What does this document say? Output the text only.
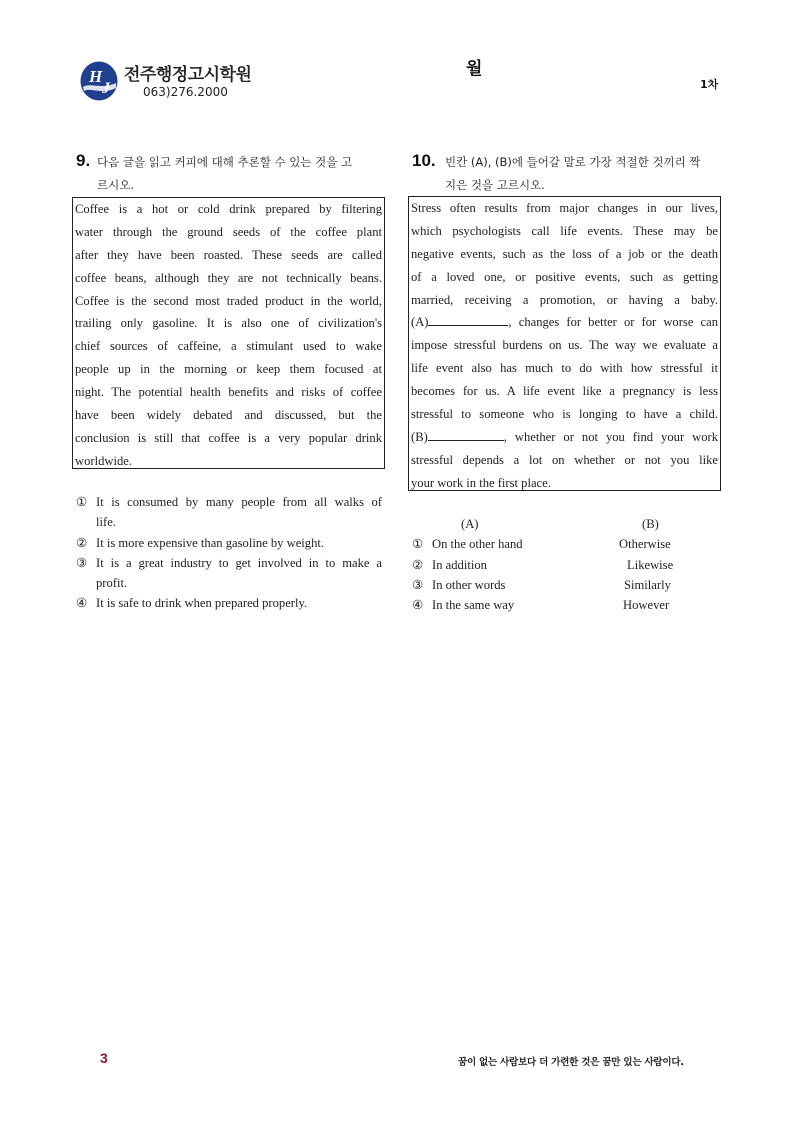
H
J
전주행정고시학원
063)276.2000
월
1차
9. 다음 글을 읽고 커피에 대해 추론할 수 있는 것을 고
르시오.
Coffee is a hot or cold drink prepared by filtering
water through the ground seeds of the coffee plant
after they have been roasted. These seeds are called
coffee beans, although they are not technically beans.
Coffee is the second most traded product in the world,
trailing only gasoline. It is also one of civilization's
chief sources of caffeine, a stimulant used to wake
people up in the morning or keep them focused at
night. The potential health benefits and risks of coffee
have been widely debated and discussed, but the
conclusion is still that coffee is a very popular drink
worldwide.
① It is consumed by many people from all walks of
life.
② It is more expensive than gasoline by weight.
③ It is a great industry to get involved in to make a
profit.
④ It is safe to drink when prepared properly.
10. 빈칸 (A), (B)에 들어갈 말로 가장 적절한 것끼리 짝
지은 것을 고르시오.
Stress often results from major changes in our lives,
which psychologists call life events. These may be
negative events, such as the loss of a job or the death
of a loved one, or positive events, such as getting
married, receiving a promotion, or having a baby.
(A)	, changes for better or for worse can
impose stressful burdens on us. The way we evaluate a
life event also has much to do with how stressful it
becomes for us. A life event like a pregnancy is less
stressful to someone who is longing to have a child.
(B)	, whether or not you find your work
stressful depends a lot on whether or not you like
your work in the first place.
(A)	(B)
① On the other hand	Otherwise
② In addition	Likewise
③ In other words	Similarly
④ In the same way	However
3	꿈이 없는 사람보다 더 가련한 것은 꿈만 있는 사람이다.
